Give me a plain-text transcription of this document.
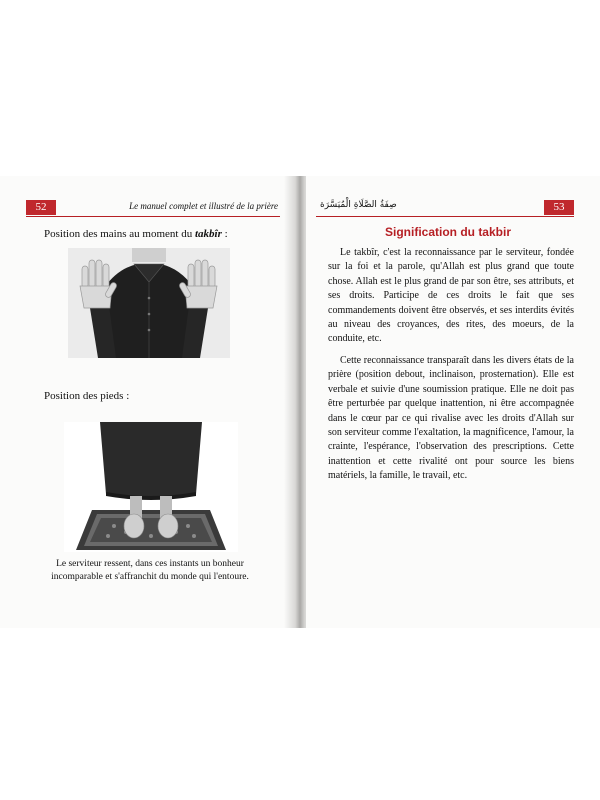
52	Le manuel complet et illustré de la prière
Position des mains au moment du takbîr :
Position des pieds :
Le serviteur ressent, dans ces instants un bonheur incomparable et s'affranchit du monde qui l'entoure.
صِفَةُ الصَّلَاةِ الْمُيَسَّرَة	53
Signification du takbir

Le takbîr, c'est la reconnaissance par le serviteur, fondée sur la foi et la parole, qu'Allah est plus grand que toute chose. Allah est le plus grand de par son être, ses attributs, et ses droits. Participe de ces droits le fait que ses commandements doivent être observés, et ses interdits évités au niveau des croyances, des rites, des moeurs, de la conduite, etc.

Cette reconnaissance transparaît dans les divers états de la prière (position debout, inclinaison, prosternation). Elle est verbale et suivie d'une soumission pratique. Elle ne doit pas être perturbée par quelque inattention, ni être accompagnée dans le cœur par ce qui rivalise avec les droits d'Allah sur son serviteur comme l'exaltation, la magnificence, l'amour, la crainte, l'espérance, l'observation des prescriptions. Cette inattention et cette rivalité ont pour source les biens matériels, la famille, le travail, etc.
